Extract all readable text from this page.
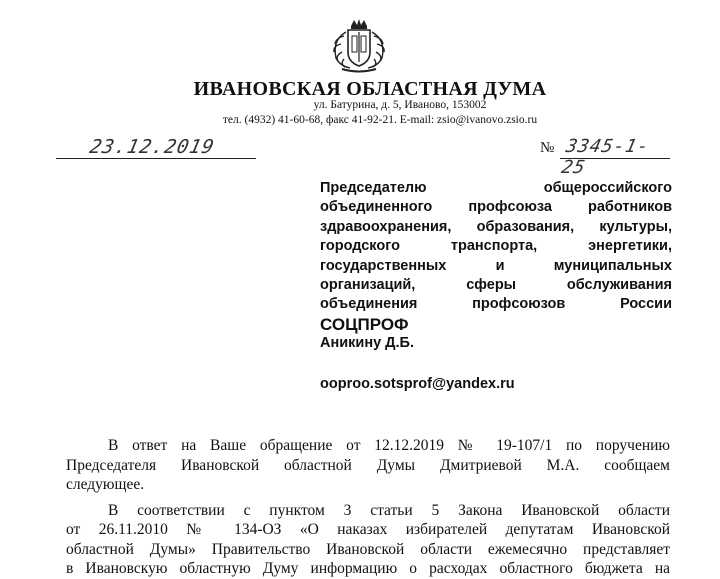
ИВАНОВСКАЯ ОБЛАСТНАЯ ДУМА
ул. Батурина, д. 5, Иваново, 153002
тел. (4932) 41-60-68, факс 41-92-21. E-mail: zsio@ivanovo.zsio.ru
23.12.2019	№ 3345-1-25
Председателю общероссийского
объединенного профсоюза работников
здравоохранения, образования, культуры,
городского транспорта, энергетики,
государственных и муниципальных
организаций, сферы обслуживания
объединения профсоюзов России
СОЦПРОФ
Аникину Д.Б.
ooproo.sotsprof@yandex.ru
В ответ на Ваше обращение от 12.12.2019 № 19-107/1 по поручению
Председателя Ивановской областной Думы Дмитриевой М.А. сообщаем
следующее.
В соответствии с пунктом 3 статьи 5 Закона Ивановской области
от 26.11.2010 № 134-ОЗ «О наказах избирателей депутатам Ивановской
областной Думы» Правительство Ивановской области ежемесячно представляет
в Ивановскую областную Думу информацию о расходах областного бюджета на
